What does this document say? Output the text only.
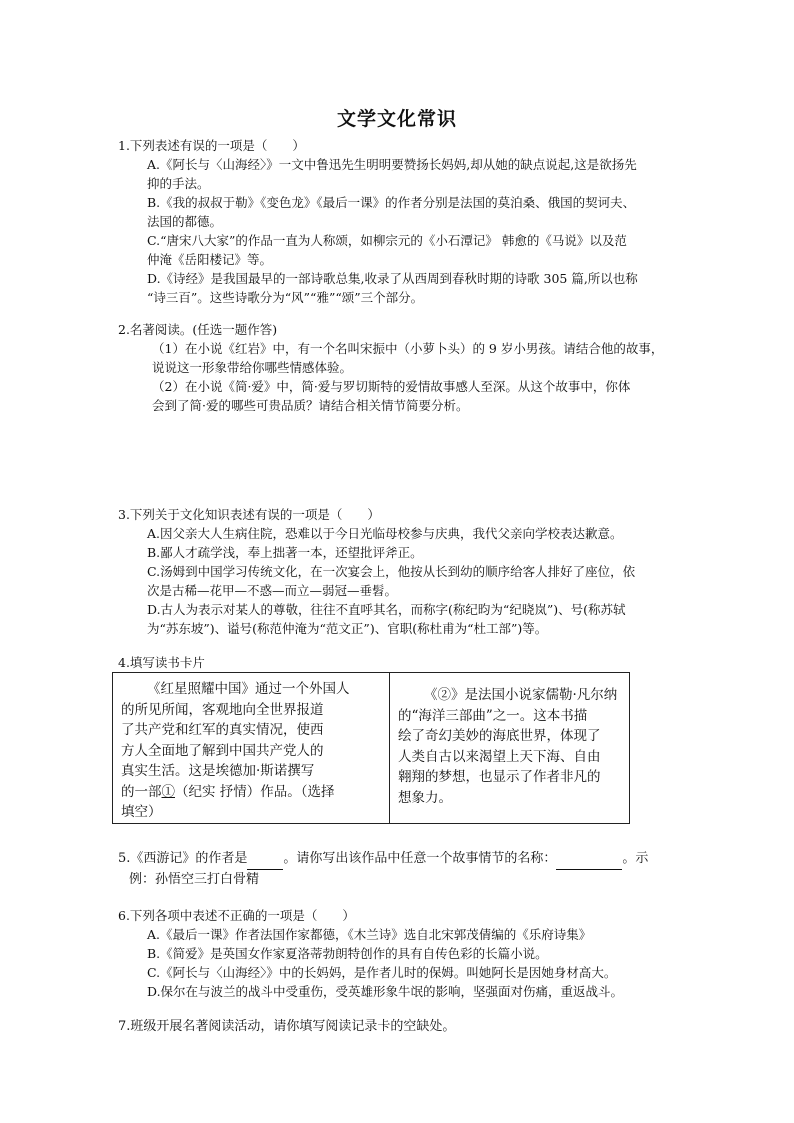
文学文化常识

1.下列表述有误的一项是（　　）

A.《阿长与〈山海经〉》一文中鲁迅先生明明要赞扬长妈妈,却从她的缺点说起,这是欲扬先

抑的手法。

B.《我的叔叔于勒》《变色龙》《最后一课》的作者分别是法国的莫泊桑、俄国的契诃夫、

法国的都德。

C.“唐宋八大家”的作品一直为人称颂，如柳宗元的《小石潭记》 韩愈的《马说》以及范

仲淹《岳阳楼记》等。

D.《诗经》是我国最早的一部诗歌总集,收录了从西周到春秋时期的诗歌 305 篇,所以也称

“诗三百”。这些诗歌分为“风”“雅”“颂”三个部分。

2.名著阅读。(任选一题作答)

（1）在小说《红岩》中，有一个名叫宋振中（小萝卜头）的 9 岁小男孩。请结合他的故事，

说说这一形象带给你哪些情感体验。

（2）在小说《简·爱》中，简·爱与罗切斯特的爱情故事感人至深。从这个故事中，你体

会到了简·爱的哪些可贵品质？请结合相关情节简要分析。

3.下列关于文化知识表述有误的一项是（　　）

A.因父亲大人生病住院，恐难以于今日光临母校参与庆典，我代父亲向学校表达歉意。

B.鄙人才疏学浅，奉上拙著一本，还望批评斧正。

C.汤姆到中国学习传统文化，在一次宴会上，他按从长到幼的顺序给客人排好了座位，依

次是古稀—花甲—不惑—而立—弱冠—垂髫。

D.古人为表示对某人的尊敬，往往不直呼其名，而称字(称纪昀为“纪晓岚”)、号(称苏轼

为“苏东坡”)、谥号(称范仲淹为“范文正”)、官职(称杜甫为“杜工部”)等。

4.填写读书卡片

《红星照耀中国》通过一个外国人
的所见所闻，客观地向全世界报道
了共产党和红军的真实情况，使西
方人全面地了解到中国共产党人的
真实生活。这是埃德加·斯诺撰写
的一部①（纪实 抒情）作品。（选择
填空）

《②》是法国小说家儒勒·凡尔纳
的“海洋三部曲”之一。这本书描
绘了奇幻美妙的海底世界，体现了
人类自古以来渴望上天下海、自由
翱翔的梦想，也显示了作者非凡的
想象力。

5.《西游记》的作者是	。请你写出该作品中任意一个故事情节的名称：	。示

例：孙悟空三打白骨精

6.下列各项中表述不正确的一项是（　　）

A.《最后一课》作者法国作家都德，《木兰诗》选自北宋郭茂倩编的《乐府诗集》

B.《简爱》是英国女作家夏洛蒂勃朗特创作的具有自传色彩的长篇小说。

C.《阿长与〈山海经〉》中的长妈妈，是作者儿时的保姆。叫她阿长是因她身材高大。

D.保尔在与波兰的战斗中受重伤，受英雄形象牛氓的影响，坚强面对伤痛，重返战斗。

7.班级开展名著阅读活动，请你填写阅读记录卡的空缺处。
